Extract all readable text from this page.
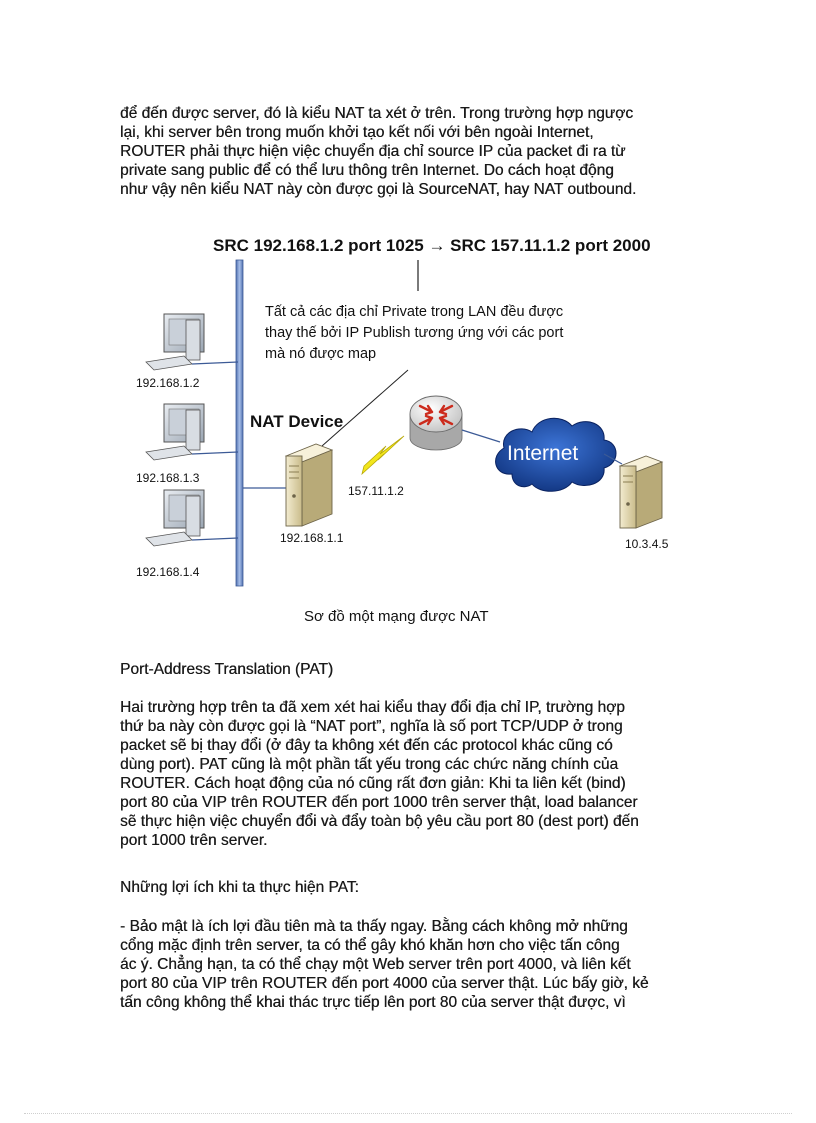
để đến được server, đó là kiểu NAT ta xét ở trên. Trong trường hợp ngược
lại, khi server bên trong muốn khởi tạo kết nối với bên ngoài Internet,
ROUTER phải thực hiện việc chuyển địa chỉ source IP của packet đi ra từ
private sang public để có thể lưu thông trên Internet. Do cách hoạt động
như vậy nên kiểu NAT này còn được gọi là SourceNAT, hay NAT outbound.
SRC 192.168.1.2 port 1025 → SRC 157.11.1.2 port 2000
Tất cả các địa chỉ Private trong LAN đều được
thay thế bởi IP Publish tương ứng với các port
mà nó được map
192.168.1.2
192.168.1.3
192.168.1.4
NAT Device
192.168.1.1
157.11.1.2
Internet
10.3.4.5
Sơ đồ một mạng được NAT
Port-Address Translation (PAT)
Hai trường hợp trên ta đã xem xét hai kiểu thay đổi địa chỉ IP, trường hợp
thứ ba này còn được gọi là “NAT port”, nghĩa là số port TCP/UDP ở trong
packet sẽ bị thay đổi (ở đây ta không xét đến các protocol khác cũng có
dùng port). PAT cũng là một phần tất yếu trong các chức năng chính của
ROUTER. Cách hoạt động của nó cũng rất đơn giản: Khi ta liên kết (bind)
port 80 của VIP trên ROUTER đến port 1000 trên server thật, load balancer
sẽ thực hiện việc chuyển đổi và đẩy toàn bộ yêu cầu port 80 (dest port) đến
port 1000 trên server.
Những lợi ích khi ta thực hiện PAT:
- Bảo mật là ích lợi đầu tiên mà ta thấy ngay. Bằng cách không mở những
cổng mặc định trên server, ta có thể gây khó khăn hơn cho việc tấn công
ác ý. Chẳng hạn, ta có thể chạy một Web server trên port 4000, và liên kết
port 80 của VIP trên ROUTER đến port 4000 của server thật. Lúc bấy giờ, kẻ
tấn công không thể khai thác trực tiếp lên port 80 của server thật được, vì
